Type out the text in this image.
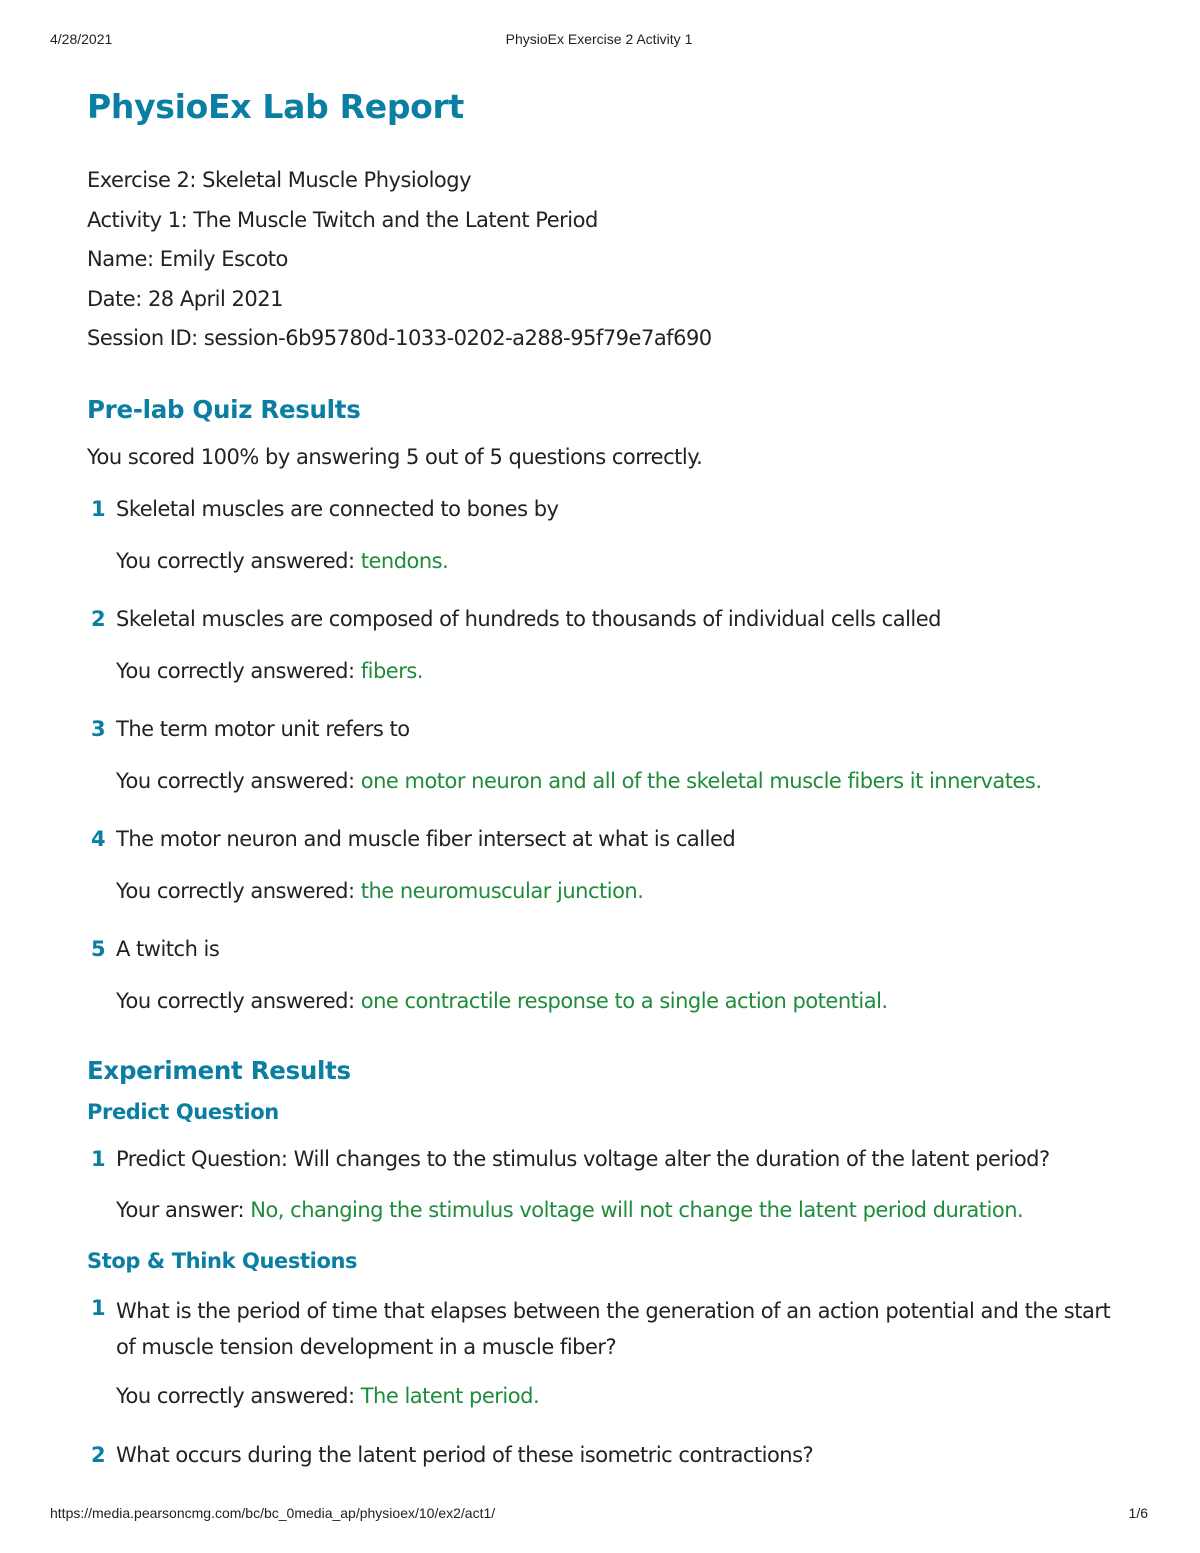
4/28/2021	PhysioEx Exercise 2 Activity 1
PhysioEx Lab Report
Exercise 2: Skeletal Muscle Physiology
Activity 1: The Muscle Twitch and the Latent Period
Name: Emily Escoto
Date: 28 April 2021
Session ID: session-6b95780d-1033-0202-a288-95f79e7af690
Pre-lab Quiz Results
You scored 100% by answering 5 out of 5 questions correctly.
1 Skeletal muscles are connected to bones by
You correctly answered: tendons.
2 Skeletal muscles are composed of hundreds to thousands of individual cells called
You correctly answered: fibers.
3 The term motor unit refers to
You correctly answered: one motor neuron and all of the skeletal muscle fibers it innervates.
4 The motor neuron and muscle fiber intersect at what is called
You correctly answered: the neuromuscular junction.
5 A twitch is
You correctly answered: one contractile response to a single action potential.
Experiment Results
Predict Question
1 Predict Question: Will changes to the stimulus voltage alter the duration of the latent period?
Your answer: No, changing the stimulus voltage will not change the latent period duration.
Stop & Think Questions
1 What is the period of time that elapses between the generation of an action potential and the start of muscle tension development in a muscle fiber?
You correctly answered: The latent period.
2 What occurs during the latent period of these isometric contractions?
https://media.pearsoncmg.com/bc/bc_0media_ap/physioex/10/ex2/act1/	1/6
